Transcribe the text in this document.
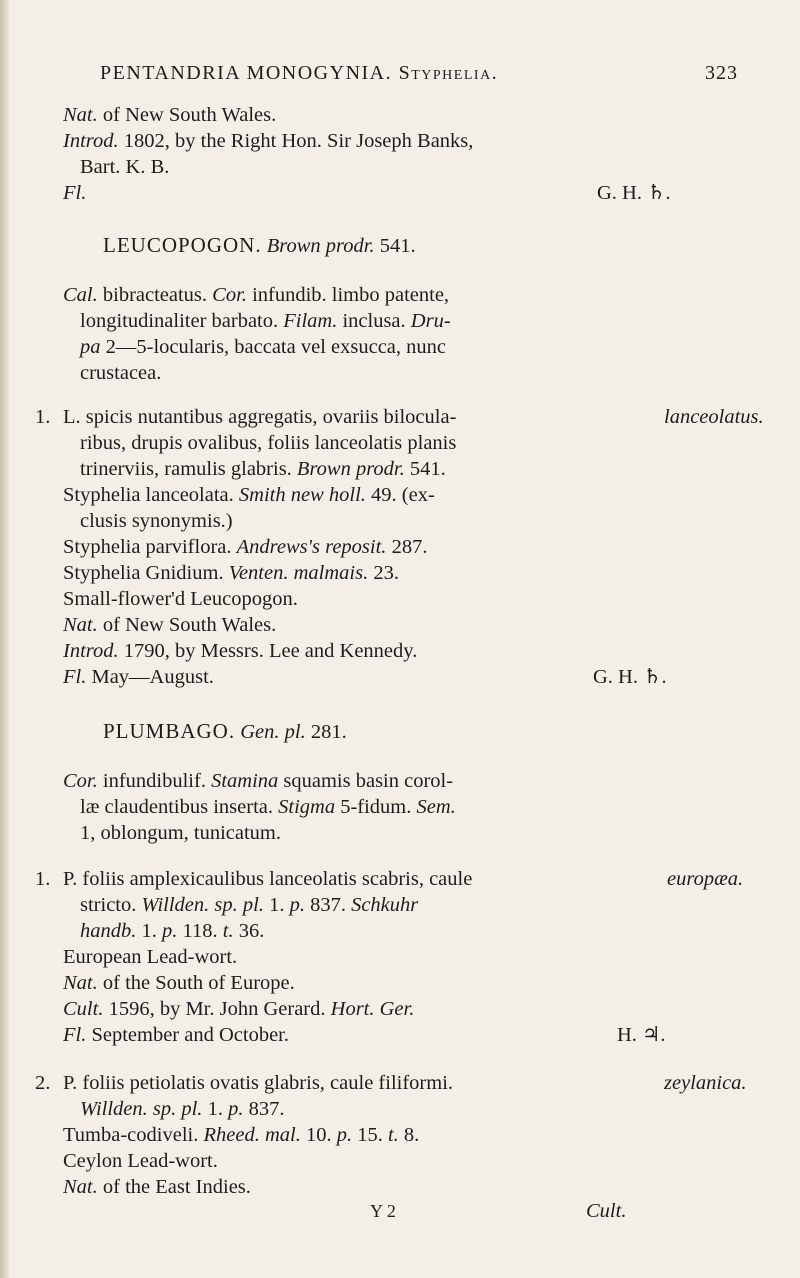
PENTANDRIA MONOGYNIA. Styphelia.	323
Nat. of New South Wales.
Introd. 1802, by the Right Hon. Sir Joseph Banks,
Bart. K. B.
Fl.	G. H. ♄.
LEUCOPOGON. Brown prodr. 541.
Cal. bibracteatus. Cor. infundib. limbo patente,
longitudinaliter barbato. Filam. inclusa. Dru-
pa 2—5-locularis, baccata vel exsucca, nunc
crustacea.
1.	lanceolatus.
L. spicis nutantibus aggregatis, ovariis bilocula-
ribus, drupis ovalibus, foliis lanceolatis planis
trinerviis, ramulis glabris. Brown prodr. 541.
Styphelia lanceolata. Smith new holl. 49. (ex-
clusis synonymis.)
Styphelia parviflora. Andrews's reposit. 287.
Styphelia Gnidium. Venten. malmais. 23.
Small-flower'd Leucopogon.
Nat. of New South Wales.
Introd. 1790, by Messrs. Lee and Kennedy.
Fl. May—August.	G. H. ♄.
PLUMBAGO. Gen. pl. 281.
Cor. infundibulif. Stamina squamis basin corol-
læ claudentibus inserta. Stigma 5-fidum. Sem.
1, oblongum, tunicatum.
1.	europæa.
P. foliis amplexicaulibus lanceolatis scabris, caule
stricto. Willden. sp. pl. 1. p. 837. Schkuhr
handb. 1. p. 118. t. 36.
European Lead-wort.
Nat. of the South of Europe.
Cult. 1596, by Mr. John Gerard. Hort. Ger.
Fl. September and October.	H. ♃.
2.	zeylanica.
P. foliis petiolatis ovatis glabris, caule filiformi.
Willden. sp. pl. 1. p. 837.
Tumba-codiveli. Rheed. mal. 10. p. 15. t. 8.
Ceylon Lead-wort.
Nat. of the East Indies.
Y 2	Cult.
